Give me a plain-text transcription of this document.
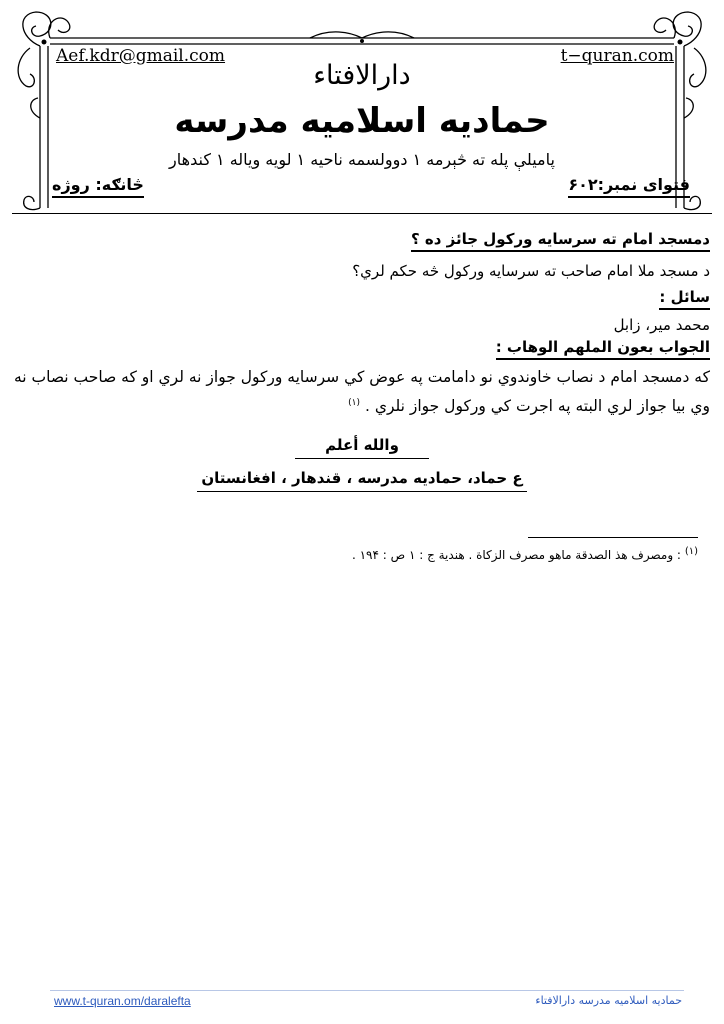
Aef.kdr@gmail.com	t−quran.com
دارالافتاء
حمادیه اسلامیه مدرسه
پامیلې پله ته څېرمه ۱ دوولسمه ناحیه ۱ لویه ویاله ۱ کندهار
فتوای نمبر:۶۰۲
څانګه: روژه
دمسجد امام ته سرسایه ورکول جائز ده ؟
د مسجد ملا امام صاحب ته سرسایه ورکول څه حکم لري؟
سائل :
محمد میر، زابل
الجواب بعون الملهم الوهاب :
که دمسجد امام د نصاب خاوندوي نو دامامت په عوض کي سرسایه ورکول جواز نه لري او که صاحب نصاب نه وي بیا جواز لري البته په اجرت کي ورکول جواز نلري . $^{(۱)}$
والله أعلم
ع حماد، حمادیه مدرسه ، قندهار ، افغانستان
$^{(۱)}$ : ومصرف هذ الصدقة ماهو مصرف الزكاة . هندية ج : ۱ ص : ۱۹۴ .
www.t-quran.om/daralefta	حمادیه اسلامیه مدرسه دارالافتاء
